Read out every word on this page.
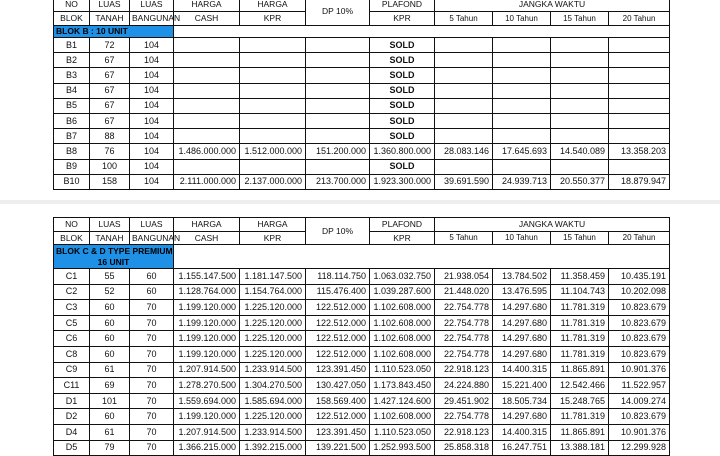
NO	LUAS	LUAS	HARGA	HARGA	DP 10%	PLAFOND	JANGKA WAKTU			
BLOK	TANAH	BANGUNAN	CASH	KPR		KPR	5 Tahun	10 Tahun	15 Tahun	20 Tahun
BLOK B : 10 UNIT										
B1	72	104				SOLD				
B2	67	104				SOLD				
B3	67	104				SOLD				
B4	67	104				SOLD				
B5	67	104				SOLD				
B6	67	104				SOLD				
B7	88	104				SOLD				
B8	76	104	1.486.000.000	1.512.000.000	151.200.000	1.360.800.000	28.083.146	17.645.693	14.540.089	13.358.203
B9	100	104				SOLD				
B10	158	104	2.111.000.000	2.137.000.000	213.700.000	1.923.300.000	39.691.590	24.939.713	20.550.377	18.879.947
NO	LUAS	LUAS	HARGA	HARGA	DP 10%	PLAFOND	JANGKA WAKTU			
BLOK	TANAH	BANGUNAN	CASH	KPR		KPR	5 Tahun	10 Tahun	15 Tahun	20 Tahun

BLOK C & D TYPE PREMIUM
16 UNIT										

C1	55	60	1.155.147.500	1.181.147.500	118.114.750	1.063.032.750	21.938.054	13.784.502	11.358.459	10.435.191
C2	52	60	1.128.764.000	1.154.764.000	115.476.400	1.039.287.600	21.448.020	13.476.595	11.104.743	10.202.098
C3	60	70	1.199.120.000	1.225.120.000	122.512.000	1.102.608.000	22.754.778	14.297.680	11.781.319	10.823.679
C5	60	70	1.199.120.000	1.225.120.000	122.512.000	1.102.608.000	22.754.778	14.297.680	11.781.319	10.823.679
C6	60	70	1.199.120.000	1.225.120.000	122.512.000	1.102.608.000	22.754.778	14.297.680	11.781.319	10.823.679
C8	60	70	1.199.120.000	1.225.120.000	122.512.000	1.102.608.000	22.754.778	14.297.680	11.781.319	10.823.679
C9	61	70	1.207.914.500	1.233.914.500	123.391.450	1.110.523.050	22.918.123	14.400.315	11.865.891	10.901.376
C11	69	70	1.278.270.500	1.304.270.500	130.427.050	1.173.843.450	24.224.880	15.221.400	12.542.466	11.522.957
D1	101	70	1.559.694.000	1.585.694.000	158.569.400	1.427.124.600	29.451.902	18.505.734	15.248.765	14.009.274
D2	60	70	1.199.120.000	1.225.120.000	122.512.000	1.102.608.000	22.754.778	14.297.680	11.781.319	10.823.679
D4	61	70	1.207.914.500	1.233.914.500	123.391.450	1.110.523.050	22.918.123	14.400.315	11.865.891	10.901.376
D5	79	70	1.366.215.000	1.392.215.000	139.221.500	1.252.993.500	25.858.318	16.247.751	13.388.181	12.299.928
